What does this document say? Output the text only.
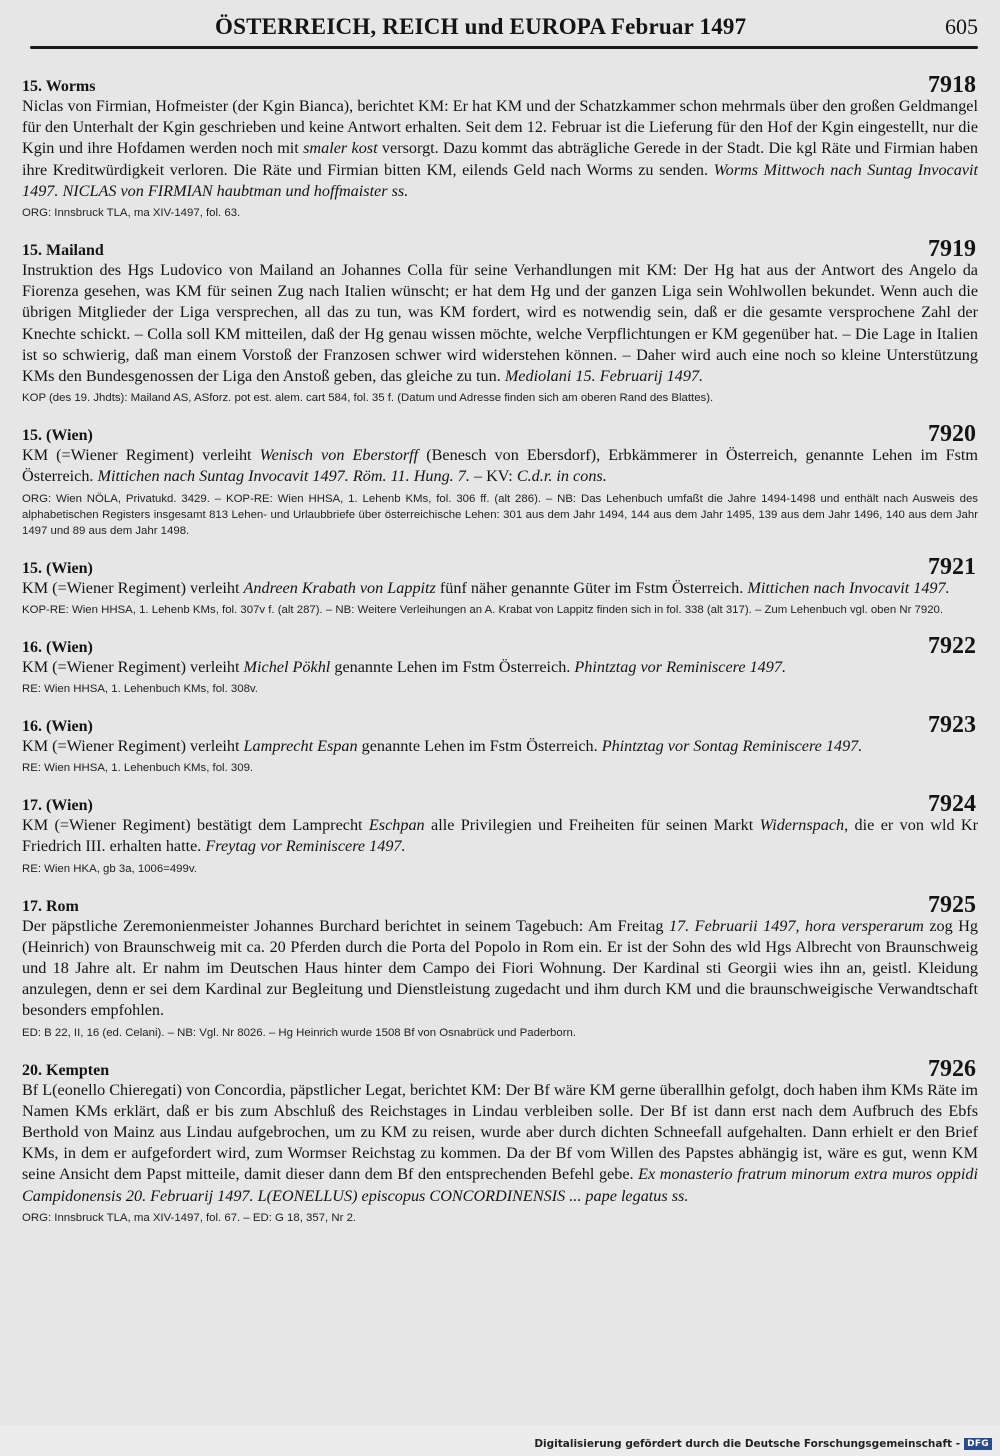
ÖSTERREICH, REICH und EUROPA Februar 1497	605
15. Worms	7918

Niclas von Firmian, Hofmeister (der Kgin Bianca), berichtet KM: Er hat KM und der Schatzkammer schon mehrmals über den großen Geldmangel für den Unterhalt der Kgin geschrieben und keine Antwort erhalten. Seit dem 12. Februar ist die Lieferung für den Hof der Kgin eingestellt, nur die Kgin und ihre Hofdamen werden noch mit smaler kost versorgt. Dazu kommt das abträgliche Gerede in der Stadt. Die kgl Räte und Firmian haben ihre Kreditwürdigkeit verloren. Die Räte und Firmian bitten KM, eilends Geld nach Worms zu senden. Worms Mittwoch nach Suntag Invocavit 1497. NICLAS von FIRMIAN haubtman und hoffmaister ss.

ORG: Innsbruck TLA, ma XIV-1497, fol. 63.

15. Mailand	7919

Instruktion des Hgs Ludovico von Mailand an Johannes Colla für seine Verhandlungen mit KM: Der Hg hat aus der Antwort des Angelo da Fiorenza gesehen, was KM für seinen Zug nach Italien wünscht; er hat dem Hg und der ganzen Liga sein Wohlwollen bekundet. Wenn auch die übrigen Mitglieder der Liga versprechen, all das zu tun, was KM fordert, wird es notwendig sein, daß er die gesamte versprochene Zahl der Knechte schickt. – Colla soll KM mitteilen, daß der Hg genau wissen möchte, welche Verpflichtungen er KM gegenüber hat. – Die Lage in Italien ist so schwierig, daß man einem Vorstoß der Franzosen schwer wird widerstehen können. – Daher wird auch eine noch so kleine Unterstützung KMs den Bundesgenossen der Liga den Anstoß geben, das gleiche zu tun. Mediolani 15. Februarij 1497.

KOP (des 19. Jhdts): Mailand AS, ASforz. pot est. alem. cart 584, fol. 35 f. (Datum und Adresse finden sich am oberen Rand des Blattes).

15. (Wien)	7920

KM (=Wiener Regiment) verleiht Wenisch von Eberstorff (Benesch von Ebersdorf), Erbkämmerer in Österreich, genannte Lehen im Fstm Österreich. Mittichen nach Suntag Invocavit 1497. Röm. 11. Hung. 7. – KV: C.d.r. in cons.

ORG: Wien NÖLA, Privatukd. 3429. – KOP-RE: Wien HHSA, 1. Lehenb KMs, fol. 306 ff. (alt 286). – NB: Das Lehenbuch umfaßt die Jahre 1494-1498 und enthält nach Ausweis des alphabetischen Registers insgesamt 813 Lehen- und Urlaubbriefe über österreichische Lehen: 301 aus dem Jahr 1494, 144 aus dem Jahr 1495, 139 aus dem Jahr 1496, 140 aus dem Jahr 1497 und 89 aus dem Jahr 1498.

15. (Wien)	7921

KM (=Wiener Regiment) verleiht Andreen Krabath von Lappitz fünf näher genannte Güter im Fstm Österreich. Mittichen nach Invocavit 1497.

KOP-RE: Wien HHSA, 1. Lehenb KMs, fol. 307v f. (alt 287). – NB: Weitere Verleihungen an A. Krabat von Lappitz finden sich in fol. 338 (alt 317). – Zum Lehenbuch vgl. oben Nr 7920.

16. (Wien)	7922

KM (=Wiener Regiment) verleiht Michel Pökhl genannte Lehen im Fstm Österreich. Phintztag vor Reminiscere 1497.

RE: Wien HHSA, 1. Lehenbuch KMs, fol. 308v.

16. (Wien)	7923

KM (=Wiener Regiment) verleiht Lamprecht Espan genannte Lehen im Fstm Österreich. Phintztag vor Sontag Reminiscere 1497.

RE: Wien HHSA, 1. Lehenbuch KMs, fol. 309.

17. (Wien)	7924

KM (=Wiener Regiment) bestätigt dem Lamprecht Eschpan alle Privilegien und Freiheiten für seinen Markt Widernspach, die er von wld Kr Friedrich III. erhalten hatte. Freytag vor Reminiscere 1497.

RE: Wien HKA, gb 3a, 1006=499v.

17. Rom	7925

Der päpstliche Zeremonienmeister Johannes Burchard berichtet in seinem Tagebuch: Am Freitag 17. Februarii 1497, hora versperarum zog Hg (Heinrich) von Braunschweig mit ca. 20 Pferden durch die Porta del Popolo in Rom ein. Er ist der Sohn des wld Hgs Albrecht von Braunschweig und 18 Jahre alt. Er nahm im Deutschen Haus hinter dem Campo dei Fiori Wohnung. Der Kardinal sti Georgii wies ihn an, geistl. Kleidung anzulegen, denn er sei dem Kardinal zur Begleitung und Dienstleistung zugedacht und ihm durch KM und die braunschweigische Verwandtschaft besonders empfohlen.

ED: B 22, II, 16 (ed. Celani). – NB: Vgl. Nr 8026. – Hg Heinrich wurde 1508 Bf von Osnabrück und Paderborn.

20. Kempten	7926

Bf L(eonello Chieregati) von Concordia, päpstlicher Legat, berichtet KM: Der Bf wäre KM gerne überallhin gefolgt, doch haben ihm KMs Räte im Namen KMs erklärt, daß er bis zum Abschluß des Reichstages in Lindau verbleiben solle. Der Bf ist dann erst nach dem Aufbruch des Ebfs Berthold von Mainz aus Lindau aufgebrochen, um zu KM zu reisen, wurde aber durch dichten Schneefall aufgehalten. Dann erhielt er den Brief KMs, in dem er aufgefordert wird, zum Wormser Reichstag zu kommen. Da der Bf vom Willen des Papstes abhängig ist, wäre es gut, wenn KM seine Ansicht dem Papst mitteile, damit dieser dann dem Bf den entsprechenden Befehl gebe. Ex monasterio fratrum minorum extra muros oppidi Campidonensis 20. Februarij 1497. L(EONELLUS) episcopus CONCORDINENSIS ... pape legatus ss.

ORG: Innsbruck TLA, ma XIV-1497, fol. 67. – ED: G 18, 357, Nr 2.

Digitalisierung gefördert durch die Deutsche Forschungsgemeinschaft - DFG
